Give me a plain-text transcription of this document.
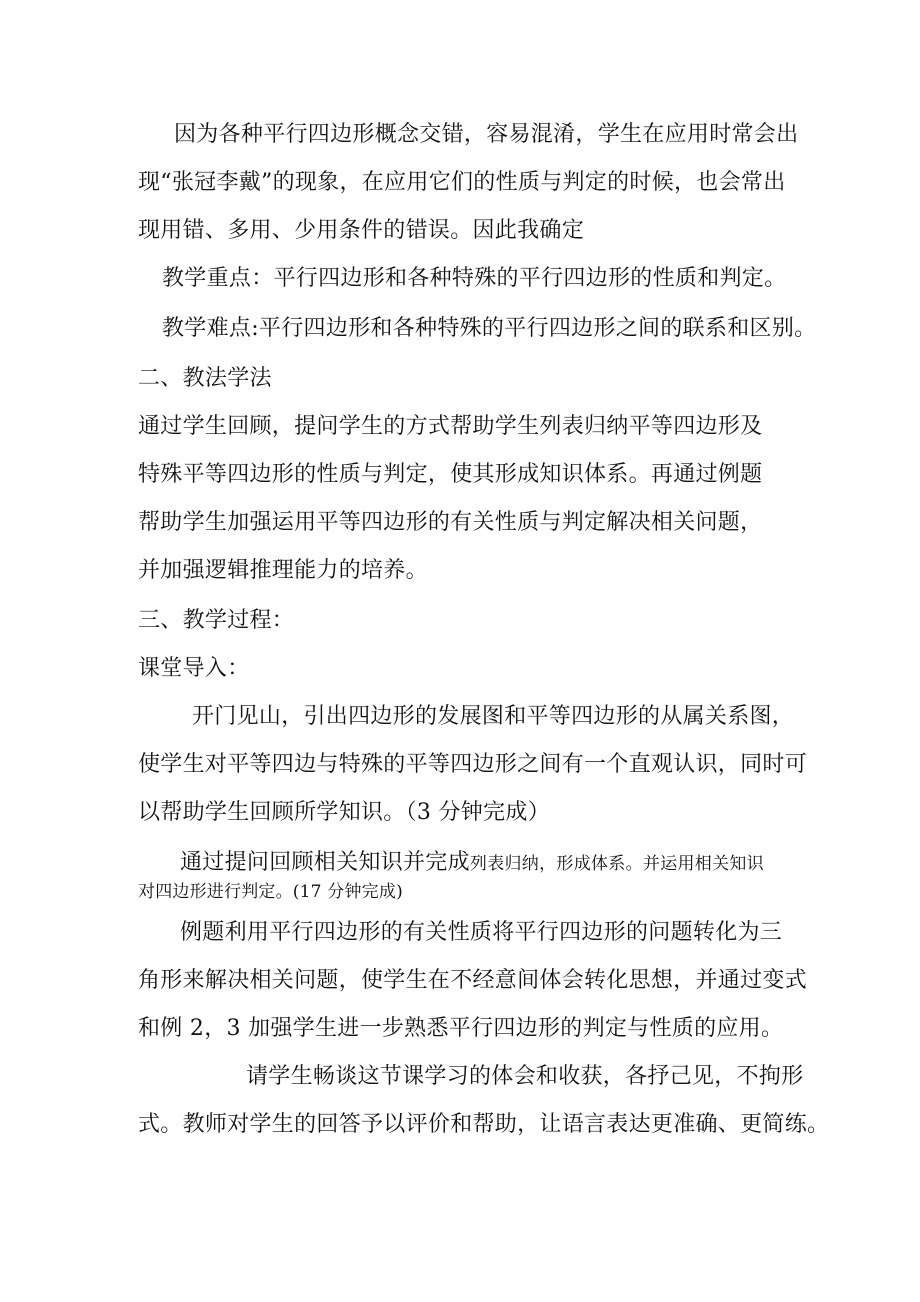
因为各种平行四边形概念交错，容易混淆，学生在应用时常会出
现“张冠李戴”的现象，在应用它们的性质与判定的时候，也会常出
现用错、多用、少用条件的错误。因此我确定
教学重点：平行四边形和各种特殊的平行四边形的性质和判定。
教学难点:平行四边形和各种特殊的平行四边形之间的联系和区别。
二、教法学法
通过学生回顾，提问学生的方式帮助学生列表归纳平等四边形及
特殊平等四边形的性质与判定，使其形成知识体系。再通过例题
帮助学生加强运用平等四边形的有关性质与判定解决相关问题，
并加强逻辑推理能力的培养。
三、教学过程：
课堂导入：
开门见山，引出四边形的发展图和平等四边形的从属关系图，
使学生对平等四边与特殊的平等四边形之间有一个直观认识，同时可
以帮助学生回顾所学知识。（3 分钟完成）
通过提问回顾相关知识并完成列表归纳，形成体系。并运用相关知识
对四边形进行判定。(17 分钟完成)
例题利用平行四边形的有关性质将平行四边形的问题转化为三
角形来解决相关问题，使学生在不经意间体会转化思想，并通过变式
和例 2，3 加强学生进一步熟悉平行四边形的判定与性质的应用。
请学生畅谈这节课学习的体会和收获，各抒己见，不拘形
式。教师对学生的回答予以评价和帮助，让语言表达更准确、更简练。
